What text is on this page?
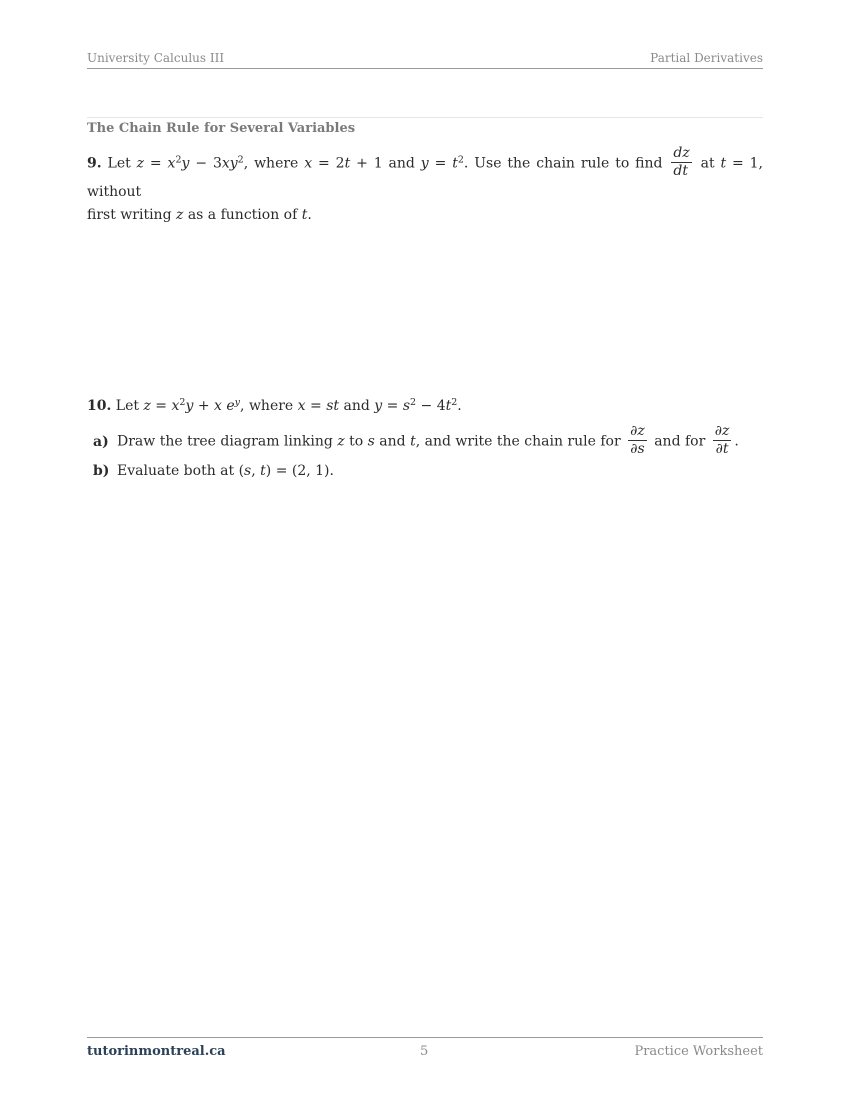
University Calculus III	Partial Derivatives
The Chain Rule for Several Variables
9. Let $z = x^2y - 3xy^2$, where x = 2t + 1 and $y = t^2$. Use the chain rule to find $\frac{dz}{dt}$ at t = 1, without
first writing z as a function of t.
10. Let $z = x^2y + x$ $e^y$, where x = st and $y = s^2 - 4t^2$.
a) Draw the tree diagram linking z to s and t, and write the chain rule for $\frac{\partial z}{\partial s}$ and for $\frac{\partial z}{\partial t}$ .
b) Evaluate both at (s, t) = (2, 1).
tutorinmontreal.ca	5	Practice Worksheet
